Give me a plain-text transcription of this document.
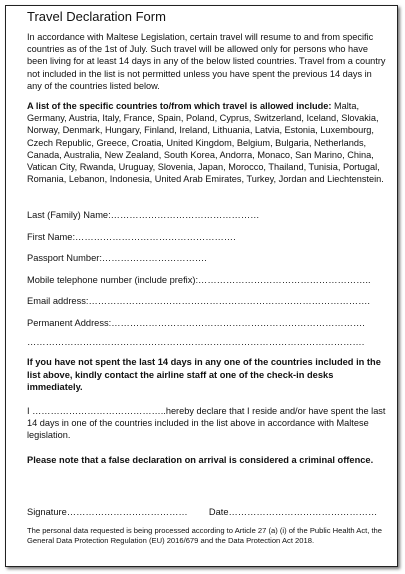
Travel Declaration Form

In accordance with Maltese Legislation, certain travel will resume to and from specific countries as of the 1st of July. Such travel will be allowed only for persons who have been living for at least 14 days in any of the below listed countries. Travel from a country not included in the list is not permitted unless you have spent the previous 14 days in any of the countries listed below.

A list of the specific countries to/from which travel is allowed include: Malta, Germany, Austria, Italy, France, Spain, Poland, Cyprus, Switzerland, Iceland, Slovakia, Norway, Denmark, Hungary, Finland, Ireland, Lithuania, Latvia, Estonia, Luxembourg, Czech Republic, Greece, Croatia, United Kingdom, Belgium, Bulgaria, Netherlands, Canada, Australia, New Zealand, South Korea, Andorra, Monaco, San Marino, China, Vatican City, Rwanda, Uruguay, Slovenia, Japan, Morocco, Thailand, Tunisia, Portugal, Romania, Lebanon, Indonesia, United Arab Emirates, Turkey, Jordan and Liechtenstein.

Last (Family) Name:…………………………………………
First Name:…………………………………………….
Passport Number:…………………………….
Mobile telephone number (include prefix):………………………………………………..
Email address:……………………………………………………………………………….
Permanent Address:……………………………………………………………………….
……………………………………………………………………………………………….
If you have not spent the last 14 days in any one of the countries included in the list above, kindly contact the airline staff at one of the check-in desks immediately.
I ……………………………………..hereby declare that I reside and/or have spent the last 14 days in one of the countries included in the list above in accordance with Maltese legislation.
Please note that a false declaration on arrival is considered a criminal offence.
Signature………………………………… Date…………………………………………
The personal data requested is being processed according to Article 27 (a) (i) of the Public Health Act, the General Data Protection Regulation (EU) 2016/679 and the Data Protection Act 2018.
